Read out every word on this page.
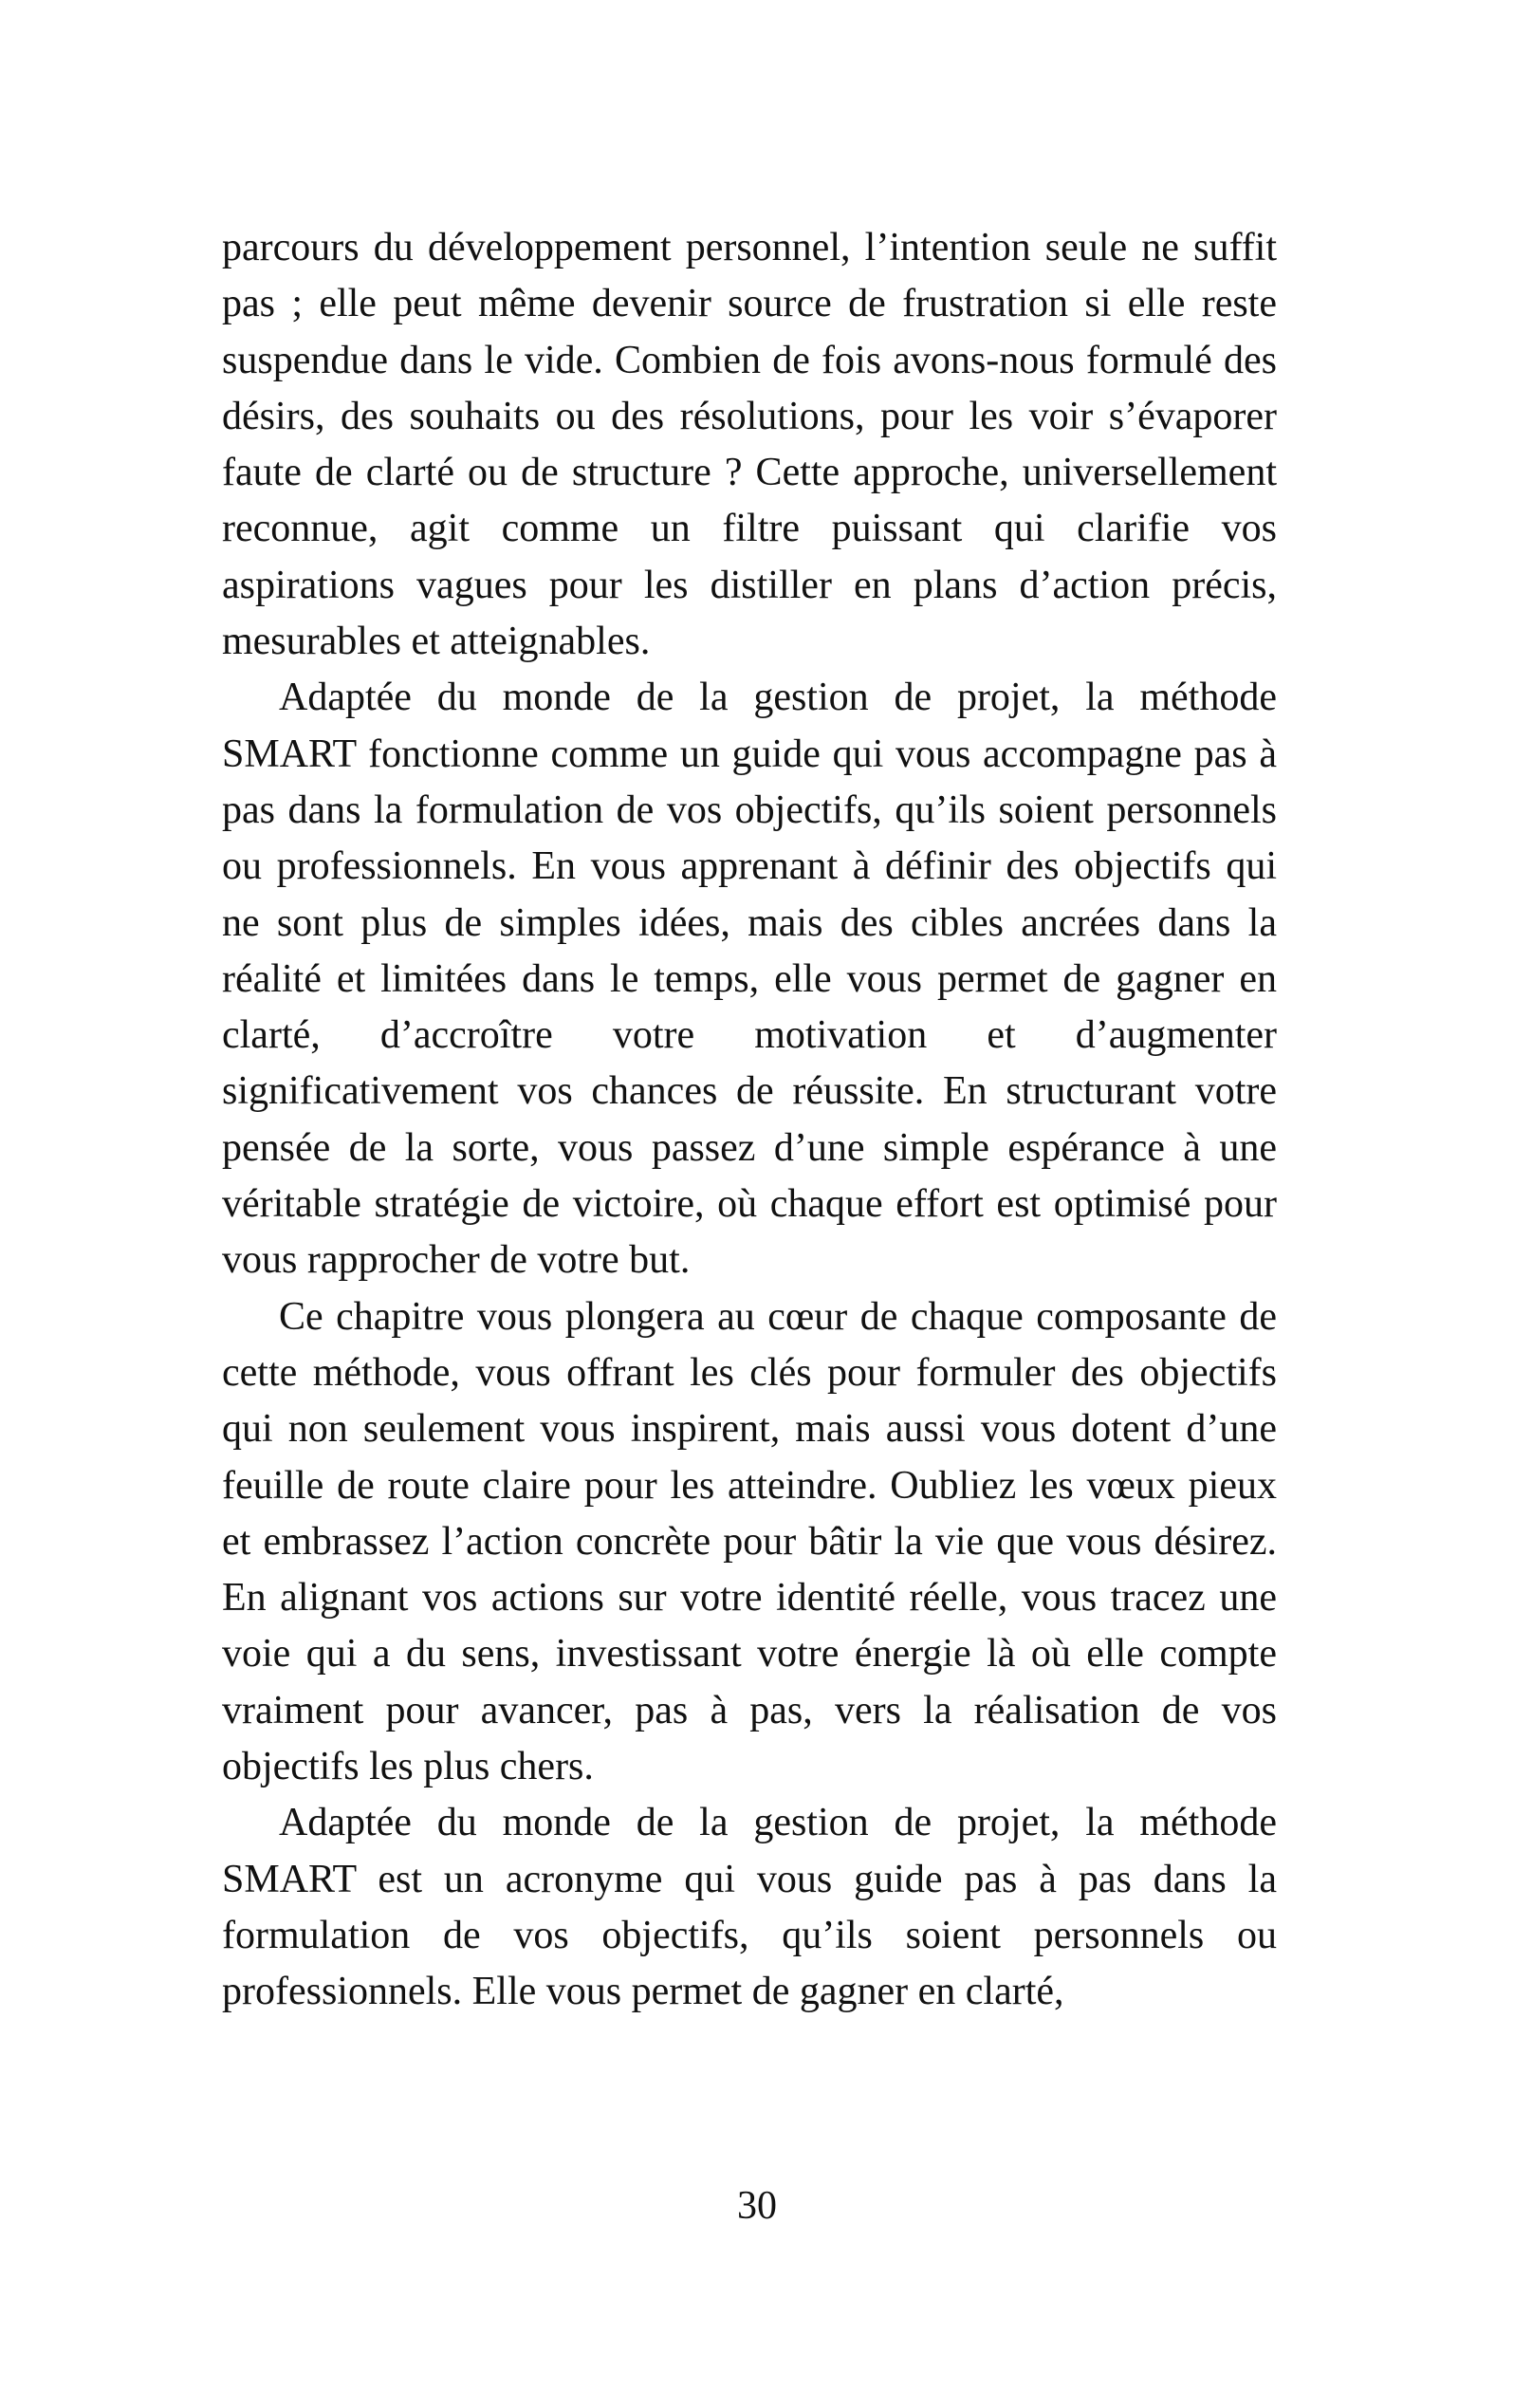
parcours du développement personnel, l’intention seule ne suffit pas ; elle peut même devenir source de frustration si elle reste suspendue dans le vide. Combien de fois avons-nous formulé des désirs, des souhaits ou des résolutions, pour les voir s’évaporer faute de clarté ou de structure ? Cette approche, universellement reconnue, agit comme un filtre puissant qui clarifie vos aspirations vagues pour les distiller en plans d’action précis, mesurables et atteignables.

Adaptée du monde de la gestion de projet, la méthode SMART fonctionne comme un guide qui vous accompagne pas à pas dans la formulation de vos objectifs, qu’ils soient personnels ou professionnels. En vous apprenant à définir des objectifs qui ne sont plus de simples idées, mais des cibles ancrées dans la réalité et limitées dans le temps, elle vous permet de gagner en clarté, d’accroître votre motivation et d’augmenter significativement vos chances de réussite. En structurant votre pensée de la sorte, vous passez d’une simple espérance à une véritable stratégie de victoire, où chaque effort est optimisé pour vous rapprocher de votre but.

Ce chapitre vous plongera au cœur de chaque composante de cette méthode, vous offrant les clés pour formuler des objectifs qui non seulement vous inspirent, mais aussi vous dotent d’une feuille de route claire pour les atteindre. Oubliez les vœux pieux et embrassez l’action concrète pour bâtir la vie que vous désirez. En alignant vos actions sur votre identité réelle, vous tracez une voie qui a du sens, investissant votre énergie là où elle compte vraiment pour avancer, pas à pas, vers la réalisation de vos objectifs les plus chers.

Adaptée du monde de la gestion de projet, la méthode SMART est un acronyme qui vous guide pas à pas dans la formulation de vos objectifs, qu’ils soient personnels ou professionnels. Elle vous permet de gagner en clarté,

30
